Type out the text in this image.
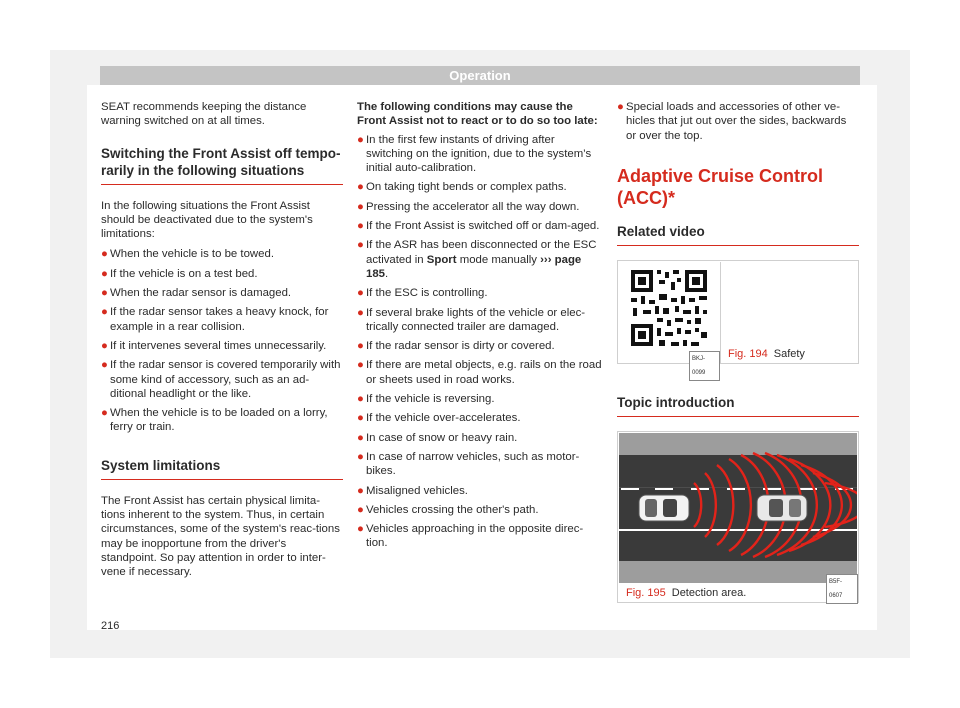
Operation

SEAT recommends keeping the distance warning switched on at all times.

Switching the Front Assist off tempo-rarily in the following situations

In the following situations the Front Assist should be deactivated due to the system's limitations:

● When the vehicle is to be towed.
● If the vehicle is on a test bed.
● When the radar sensor is damaged.
● If the radar sensor takes a heavy knock, for example in a rear collision.
● If it intervenes several times unnecessarily.
● If the radar sensor is covered temporarily with some kind of accessory, such as an ad-ditional headlight or the like.
● When the vehicle is to be loaded on a lorry, ferry or train.
System limitations

The Front Assist has certain physical limita-tions inherent to the system. Thus, in certain circumstances, some of the system's reac-tions may be inopportune from the driver's standpoint. So pay attention in order to inter-vene if necessary.

The following conditions may cause the Front Assist not to react or to do so too late:

● In the first few instants of driving after switching on the ignition, due to the system’s initial auto-calibration.
● On taking tight bends or complex paths.
● Pressing the accelerator all the way down.
● If the Front Assist is switched off or dam-aged.
● If the ASR has been disconnected or the ESC activated in Sport mode manually ››› page 185.
● If the ESC is controlling.
● If several brake lights of the vehicle or elec-trically connected trailer are damaged.
● If the radar sensor is dirty or covered.
● If there are metal objects, e.g. rails on the road or sheets used in road works.
● If the vehicle is reversing.
● If the vehicle over-accelerates.
● In case of snow or heavy rain.
● In case of narrow vehicles, such as motor-bikes.
● Misaligned vehicles.
● Vehicles crossing the other's path.
● Vehicles approaching in the opposite direc-tion.
● Special loads and accessories of other ve-hicles that jut out over the sides, backwards or over the top.
Adaptive Cruise Control (ACC)*
Related video
BKJ-0099
Fig. 194 Safety
Topic introduction
B5F-0607
Fig. 195 Detection area.
216
